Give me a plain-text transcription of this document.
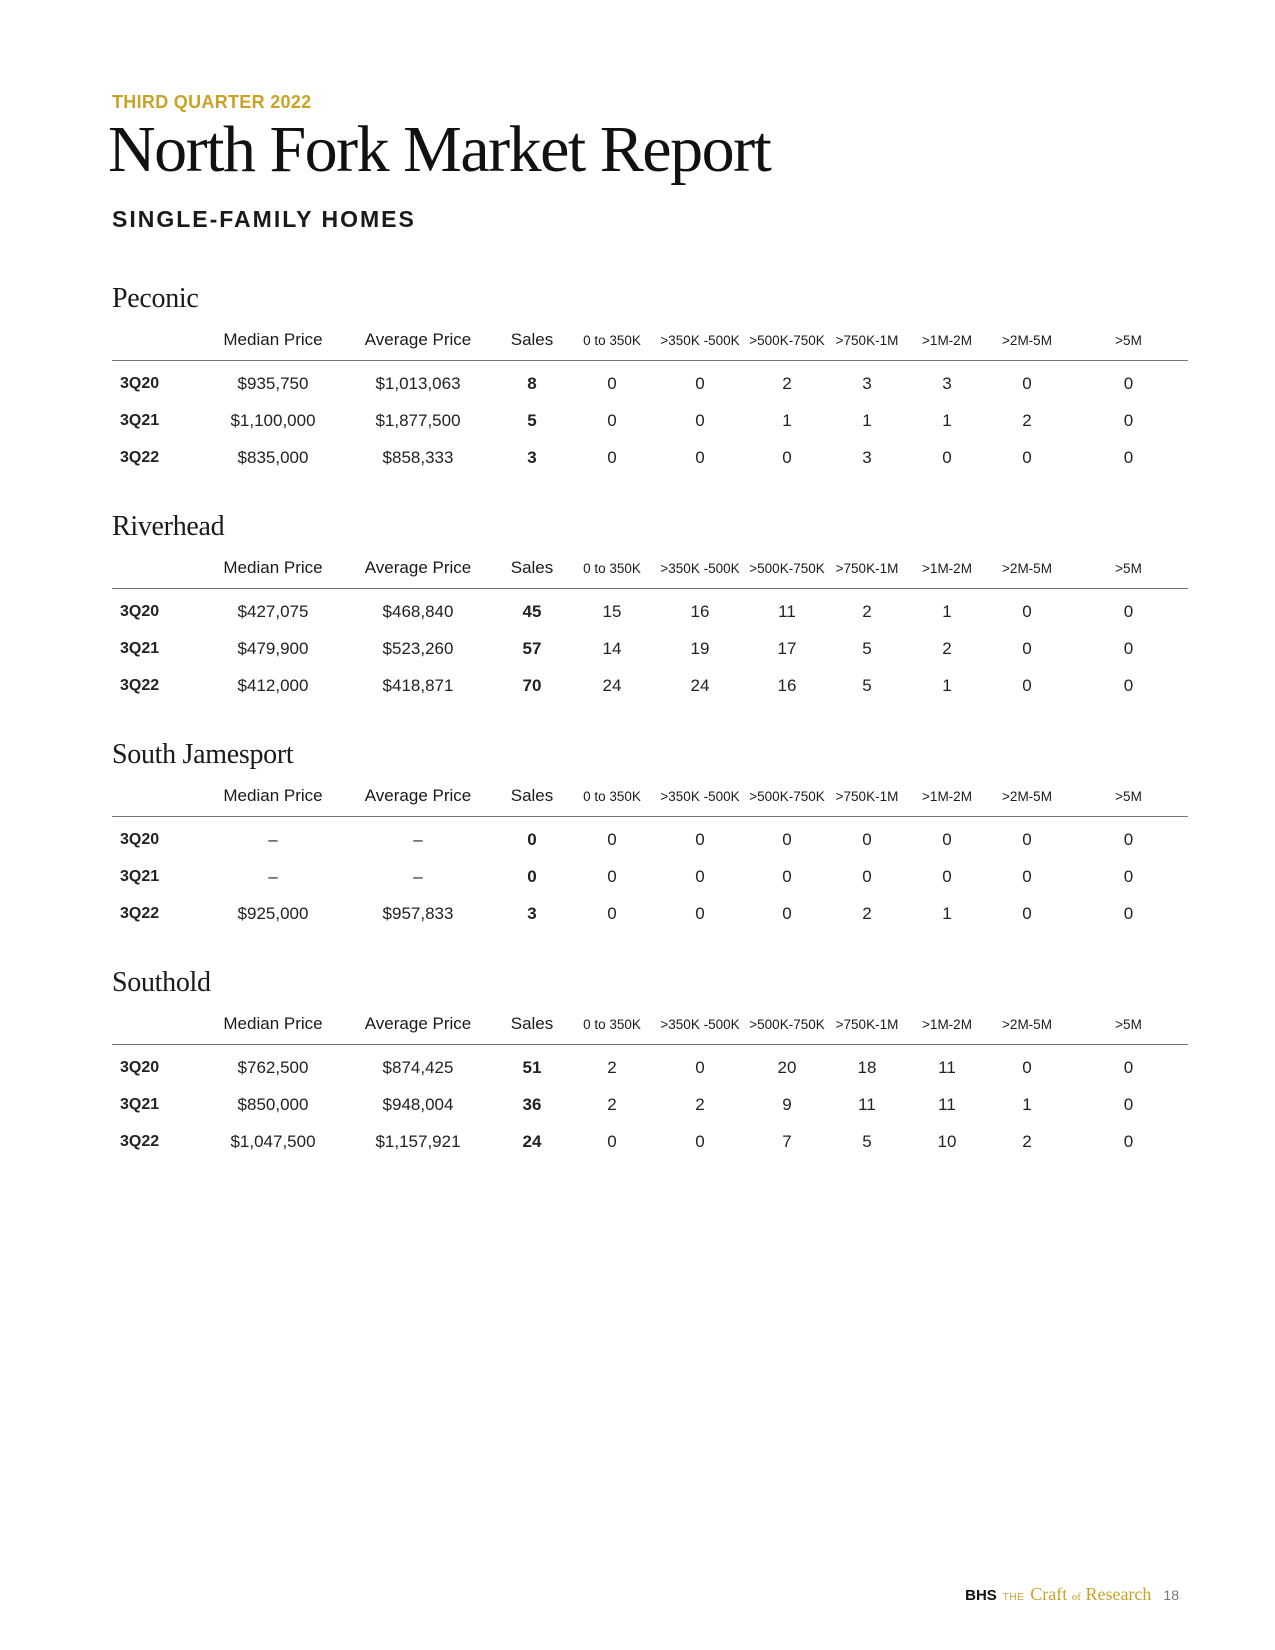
THIRD QUARTER 2022
North Fork Market Report
SINGLE-FAMILY HOMES
Peconic
	Median Price	Average Price	Sales	0 to 350K	>350K -500K	>500K-750K	>750K-1M	>1M-2M	>2M-5M	>5M
3Q20	$935,750	$1,013,063	8	0	0	2	3	3	0	0
3Q21	$1,100,000	$1,877,500	5	0	0	1	1	1	2	0
3Q22	$835,000	$858,333	3	0	0	0	3	0	0	0
Riverhead
	Median Price	Average Price	Sales	0 to 350K	>350K -500K	>500K-750K	>750K-1M	>1M-2M	>2M-5M	>5M
3Q20	$427,075	$468,840	45	15	16	11	2	1	0	0
3Q21	$479,900	$523,260	57	14	19	17	5	2	0	0
3Q22	$412,000	$418,871	70	24	24	16	5	1	0	0
South Jamesport
	Median Price	Average Price	Sales	0 to 350K	>350K -500K	>500K-750K	>750K-1M	>1M-2M	>2M-5M	>5M
3Q20	–	–	0	0	0	0	0	0	0	0
3Q21	–	–	0	0	0	0	0	0	0	0
3Q22	$925,000	$957,833	3	0	0	0	2	1	0	0
Southold
	Median Price	Average Price	Sales	0 to 350K	>350K -500K	>500K-750K	>750K-1M	>1M-2M	>2M-5M	>5M
3Q20	$762,500	$874,425	51	2	0	20	18	11	0	0
3Q21	$850,000	$948,004	36	2	2	9	11	11	1	0
3Q22	$1,047,500	$1,157,921	24	0	0	7	5	10	2	0
BHS THE Craft of Research 18
